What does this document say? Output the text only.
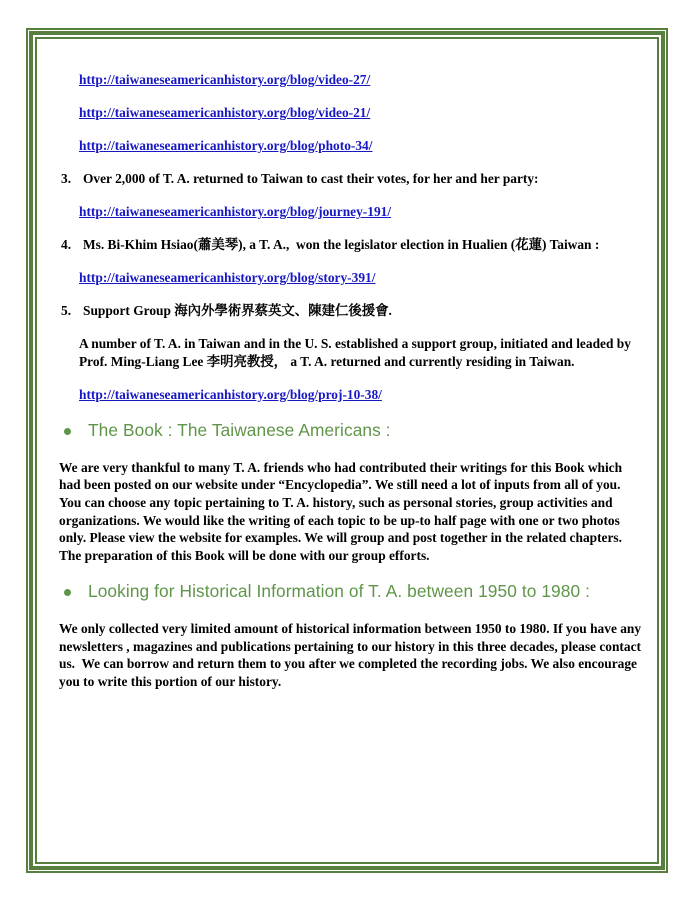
http://taiwaneseamericanhistory.org/blog/video-27/
http://taiwaneseamericanhistory.org/blog/video-21/
http://taiwaneseamericanhistory.org/blog/photo-34/
3. Over 2,000 of T. A. returned to Taiwan to cast their votes, for her and her party:
http://taiwaneseamericanhistory.org/blog/journey-191/
4. Ms. Bi-Khim Hsiao(蕭美琴), a T. A.,  won the legislator election in Hualien (花蓮) Taiwan :
http://taiwaneseamericanhistory.org/blog/story-391/
5. Support Group 海內外學術界蔡英文、陳建仁後援會.

A number of T. A. in Taiwan and in the U. S. established a support group, initiated and leaded by Prof. Ming-Liang Lee 李明亮教授， a T. A. returned and currently residing in Taiwan.

http://taiwaneseamericanhistory.org/blog/proj-10-38/
The Book : The Taiwanese Americans :

We are very thankful to many T. A. friends who had contributed their writings for this Book which had been posted on our website under “Encyclopedia”. We still need a lot of inputs from all of you. You can choose any topic pertaining to T. A. history, such as personal stories, group activities and organizations. We would like the writing of each topic to be up-to half page with one or two photos only. Please view the website for examples. We will group and post together in the related chapters. The preparation of this Book will be done with our group efforts.

Looking for Historical Information of T. A. between 1950 to 1980 :

We only collected very limited amount of historical information between 1950 to 1980. If you have any newsletters , magazines and publications pertaining to our history in this three decades, please contact us.  We can borrow and return them to you after we completed the recording jobs. We also encourage you to write this portion of our history.
